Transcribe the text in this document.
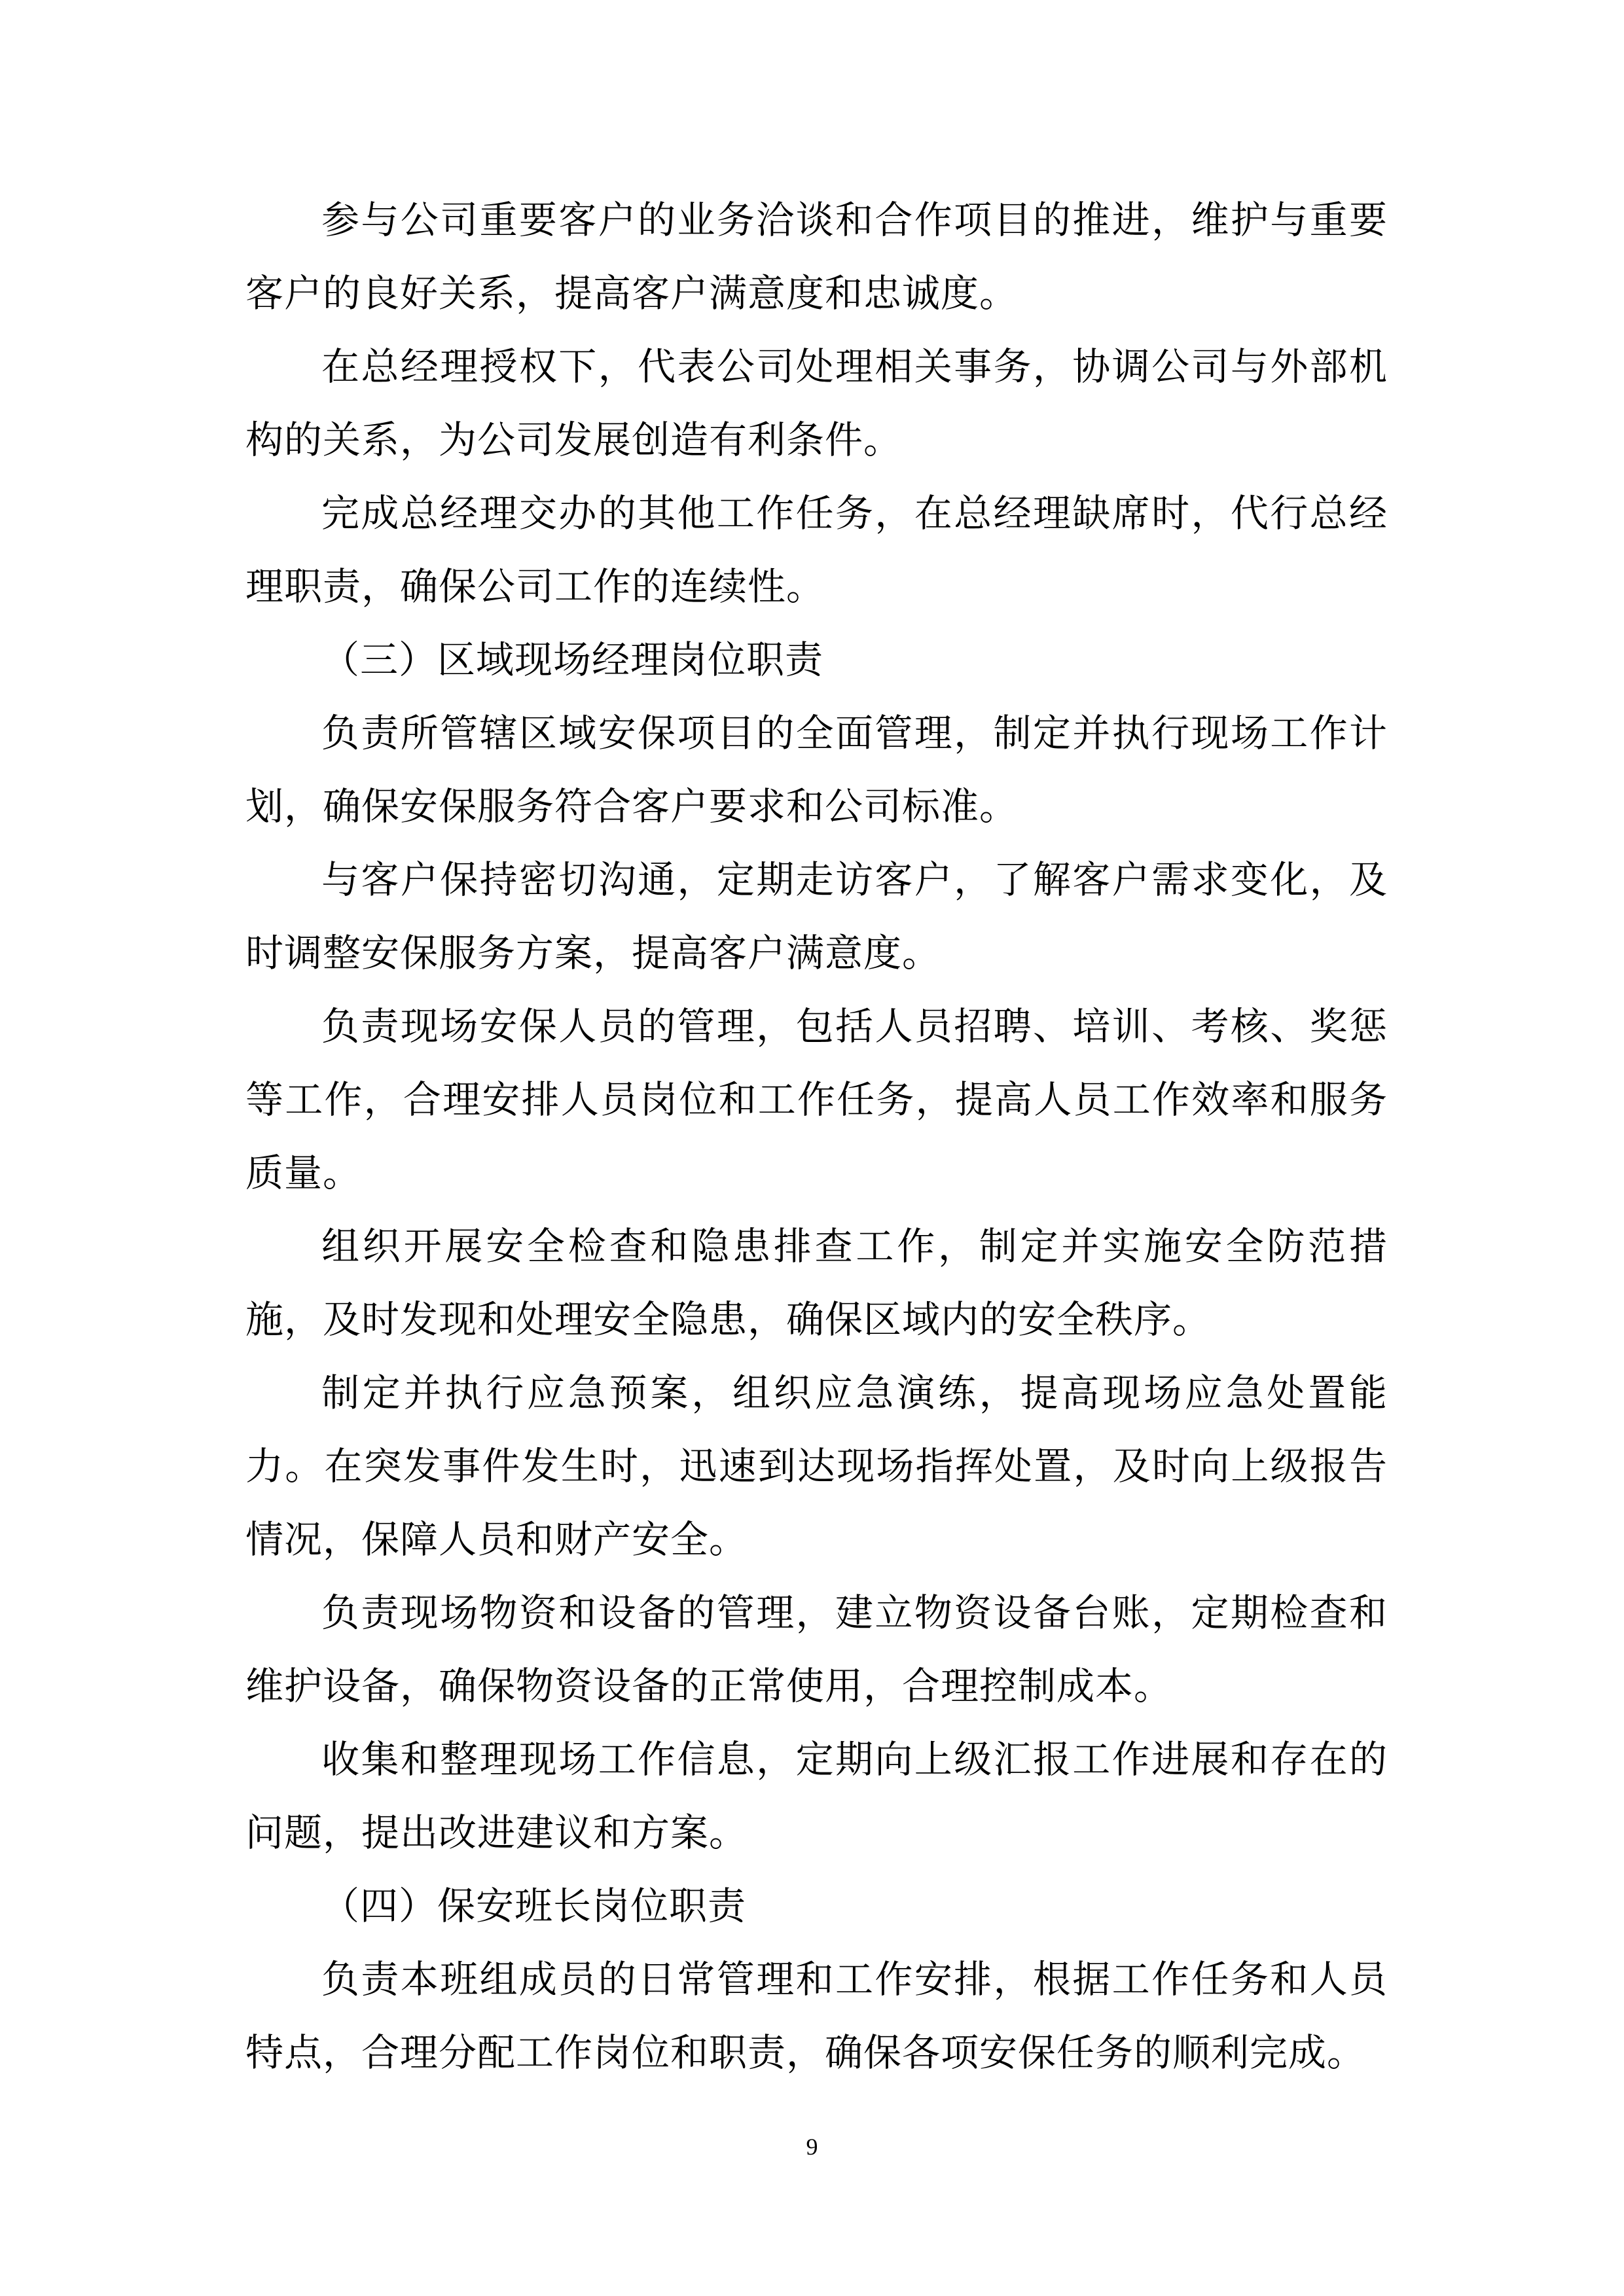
参与公司重要客户的业务洽谈和合作项目的推进，维护与重要客户的良好关系，提高客户满意度和忠诚度。

在总经理授权下，代表公司处理相关事务，协调公司与外部机构的关系，为公司发展创造有利条件。

完成总经理交办的其他工作任务，在总经理缺席时，代行总经理职责，确保公司工作的连续性。

（三）区域现场经理岗位职责

负责所管辖区域安保项目的全面管理，制定并执行现场工作计划，确保安保服务符合客户要求和公司标准。

与客户保持密切沟通，定期走访客户，了解客户需求变化，及时调整安保服务方案，提高客户满意度。

负责现场安保人员的管理，包括人员招聘、培训、考核、奖惩等工作，合理安排人员岗位和工作任务，提高人员工作效率和服务质量。

组织开展安全检查和隐患排查工作，制定并实施安全防范措施，及时发现和处理安全隐患，确保区域内的安全秩序。

制定并执行应急预案，组织应急演练，提高现场应急处置能力。在突发事件发生时，迅速到达现场指挥处置，及时向上级报告情况，保障人员和财产安全。

负责现场物资和设备的管理，建立物资设备台账，定期检查和维护设备，确保物资设备的正常使用，合理控制成本。

收集和整理现场工作信息，定期向上级汇报工作进展和存在的问题，提出改进建议和方案。

（四）保安班长岗位职责

负责本班组成员的日常管理和工作安排，根据工作任务和人员特点，合理分配工作岗位和职责，确保各项安保任务的顺利完成。

9
